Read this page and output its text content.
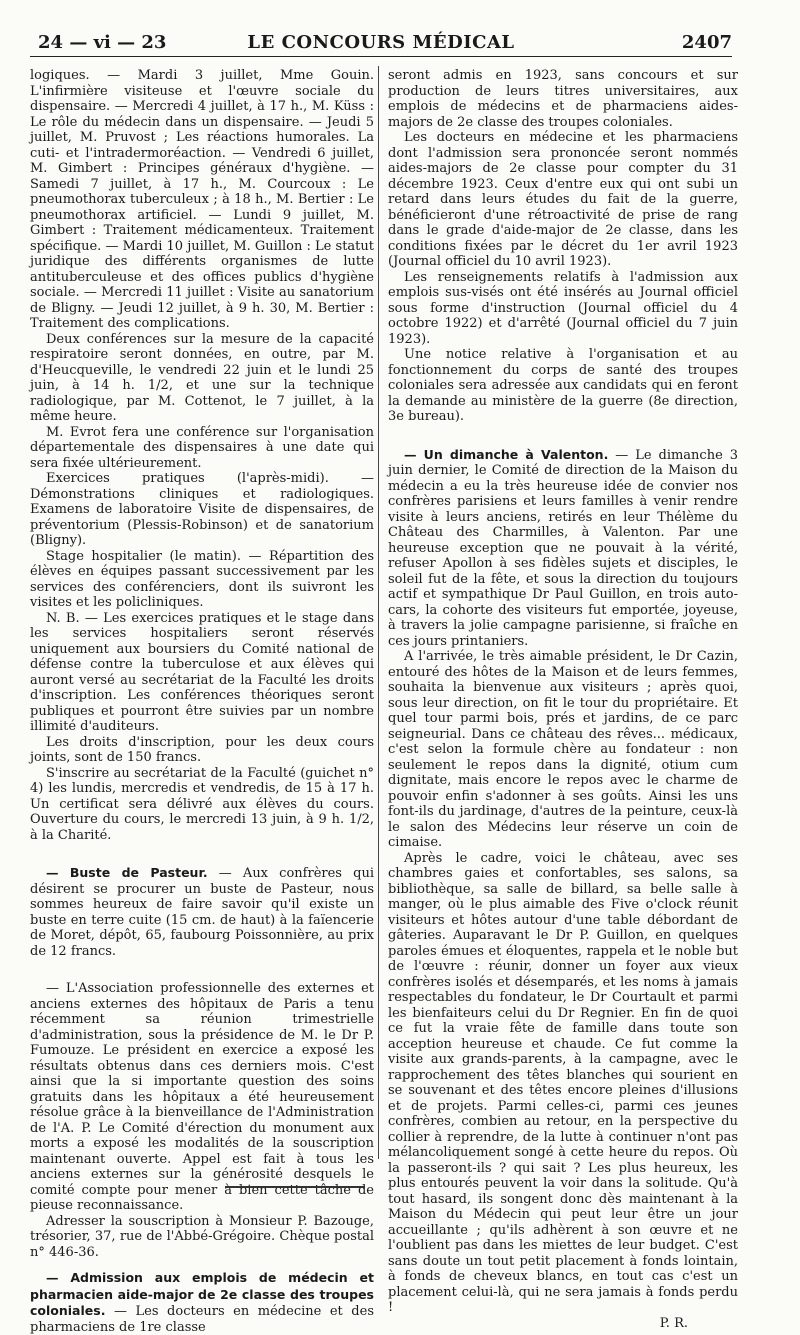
24 — vi — 23	LE CONCOURS MÉDICAL	2407

logiques. — Mardi 3 juillet, Mme Gouin. L'infirmière visiteuse et l'œuvre sociale du dispensaire. — Mercredi 4 juillet, à 17 h., M. Küss : Le rôle du médecin dans un dispensaire. — Jeudi 5 juillet, M. Pruvost ; Les réactions humorales. La cuti- et l'intradermoréaction. — Vendredi 6 juillet, M. Gimbert : Principes généraux d'hygiène. — Samedi 7 juillet, à 17 h., M. Courcoux : Le pneumothorax tuberculeux ; à 18 h., M. Bertier : Le pneumothorax artificiel. — Lundi 9 juillet, M. Gimbert : Traitement médicamenteux. Traitement spécifique. — Mardi 10 juillet, M. Guillon : Le statut juridique des différents organismes de lutte antituberculeuse et des offices publics d'hygiène sociale. — Mercredi 11 juillet : Visite au sanatorium de Bligny. — Jeudi 12 juillet, à 9 h. 30, M. Bertier : Traitement des complications.

Deux conférences sur la mesure de la capacité respiratoire seront données, en outre, par M. d'Heucqueville, le vendredi 22 juin et le lundi 25 juin, à 14 h. 1/2, et une sur la technique radiologique, par M. Cottenot, le 7 juillet, à la même heure.

M. Evrot fera une conférence sur l'organisation départementale des dispensaires à une date qui sera fixée ultérieurement.

Exercices pratiques (l'après-midi). — Démonstrations cliniques et radiologiques. Examens de laboratoire Visite de dispensaires, de préventorium (Plessis-Robinson) et de sanatorium (Bligny).

Stage hospitalier (le matin). — Répartition des élèves en équipes passant successivement par les services des conférenciers, dont ils suivront les visites et les policliniques.

N. B. — Les exercices pratiques et le stage dans les services hospitaliers seront réservés uniquement aux boursiers du Comité national de défense contre la tuberculose et aux élèves qui auront versé au secrétariat de la Faculté les droits d'inscription. Les conférences théoriques seront publiques et pourront être suivies par un nombre illimité d'auditeurs.

Les droits d'inscription, pour les deux cours joints, sont de 150 francs.

S'inscrire au secrétariat de la Faculté (guichet n° 4) les lundis, mercredis et vendredis, de 15 à 17 h. Un certificat sera délivré aux élèves du cours. Ouverture du cours, le mercredi 13 juin, à 9 h. 1/2, à la Charité.

— Buste de Pasteur. — Aux confrères qui désirent se procurer un buste de Pasteur, nous sommes heureux de faire savoir qu'il existe un buste en terre cuite (15 cm. de haut) à la faïencerie de Moret, dépôt, 65, faubourg Poissonnière, au prix de 12 francs.

— L'Association professionnelle des externes et anciens externes des hôpitaux de Paris a tenu récemment sa réunion trimestrielle d'administration, sous la présidence de M. le Dr P. Fumouze. Le président en exercice a exposé les résultats obtenus dans ces derniers mois. C'est ainsi que la si importante question des soins gratuits dans les hôpitaux a été heureusement résolue grâce à la bienveillance de l'Administration de l'A. P. Le Comité d'érection du monument aux morts a exposé les modalités de la souscription maintenant ouverte. Appel est fait à tous les anciens externes sur la générosité desquels le comité compte pour mener à bien cette tâche de pieuse reconnaissance.

Adresser la souscription à Monsieur P. Bazouge, trésorier, 37, rue de l'Abbé-Grégoire. Chèque postal n° 446-36.

— Admission aux emplois de médecin et pharmacien aide-major de 2e classe des troupes coloniales. — Les docteurs en médecine et des pharmaciens de 1re classe

seront admis en 1923, sans concours et sur production de leurs titres universitaires, aux emplois de médecins et de pharmaciens aides-majors de 2e classe des troupes coloniales.

Les docteurs en médecine et les pharmaciens dont l'admission sera prononcée seront nommés aides-majors de 2e classe pour compter du 31 décembre 1923. Ceux d'entre eux qui ont subi un retard dans leurs études du fait de la guerre, bénéficieront d'une rétroactivité de prise de rang dans le grade d'aide-major de 2e classe, dans les conditions fixées par le décret du 1er avril 1923 (Journal officiel du 10 avril 1923).

Les renseignements relatifs à l'admission aux emplois sus-visés ont été insérés au Journal officiel sous forme d'instruction (Journal officiel du 4 octobre 1922) et d'arrêté (Journal officiel du 7 juin 1923).

Une notice relative à l'organisation et au fonctionnement du corps de santé des troupes coloniales sera adressée aux candidats qui en feront la demande au ministère de la guerre (8e direction, 3e bureau).

— Un dimanche à Valenton. — Le dimanche 3 juin dernier, le Comité de direction de la Maison du médecin a eu la très heureuse idée de convier nos confrères parisiens et leurs familles à venir rendre visite à leurs anciens, retirés en leur Thélème du Château des Charmilles, à Valenton. Par une heureuse exception que ne pouvait à la vérité, refuser Apollon à ses fidèles sujets et disciples, le soleil fut de la fête, et sous la direction du toujours actif et sympathique Dr Paul Guillon, en trois auto-cars, la cohorte des visiteurs fut emportée, joyeuse, à travers la jolie campagne parisienne, si fraîche en ces jours printaniers.

A l'arrivée, le très aimable président, le Dr Cazin, entouré des hôtes de la Maison et de leurs femmes, souhaita la bienvenue aux visiteurs ; après quoi, sous leur direction, on fit le tour du propriétaire. Et quel tour parmi bois, prés et jardins, de ce parc seigneurial. Dans ce château des rêves... médicaux, c'est selon la formule chère au fondateur : non seulement le repos dans la dignité, otium cum dignitate, mais encore le repos avec le charme de pouvoir enfin s'adonner à ses goûts. Ainsi les uns font-ils du jardinage, d'autres de la peinture, ceux-là le salon des Médecins leur réserve un coin de cimaise.

Après le cadre, voici le château, avec ses chambres gaies et confortables, ses salons, sa bibliothèque, sa salle de billard, sa belle salle à manger, où le plus aimable des Five o'clock réunit visiteurs et hôtes autour d'une table débordant de gâteries. Auparavant le Dr P. Guillon, en quelques paroles émues et éloquentes, rappela et le noble but de l'œuvre : réunir, donner un foyer aux vieux confrères isolés et désemparés, et les noms à jamais respectables du fondateur, le Dr Courtault et parmi les bienfaiteurs celui du Dr Regnier. En fin de quoi ce fut la vraie fête de famille dans toute son acception heureuse et chaude. Ce fut comme la visite aux grands-parents, à la campagne, avec le rapprochement des têtes blanches qui sourient en se souvenant et des têtes encore pleines d'illusions et de projets. Parmi celles-ci, parmi ces jeunes confrères, combien au retour, en la perspective du collier à reprendre, de la lutte à continuer n'ont pas mélancoliquement songé à cette heure du repos. Où la passeront-ils ? qui sait ? Les plus heureux, les plus entourés peuvent la voir dans la solitude. Qu'à tout hasard, ils songent donc dès maintenant à la Maison du Médecin qui peut leur être un jour accueillante ; qu'ils adhèrent à son œuvre et ne l'oublient pas dans les miettes de leur budget. C'est sans doute un tout petit placement à fonds lointain, à fonds de cheveux blancs, en tout cas c'est un placement celui-là, qui ne sera jamais à fonds perdu !

P. R.
